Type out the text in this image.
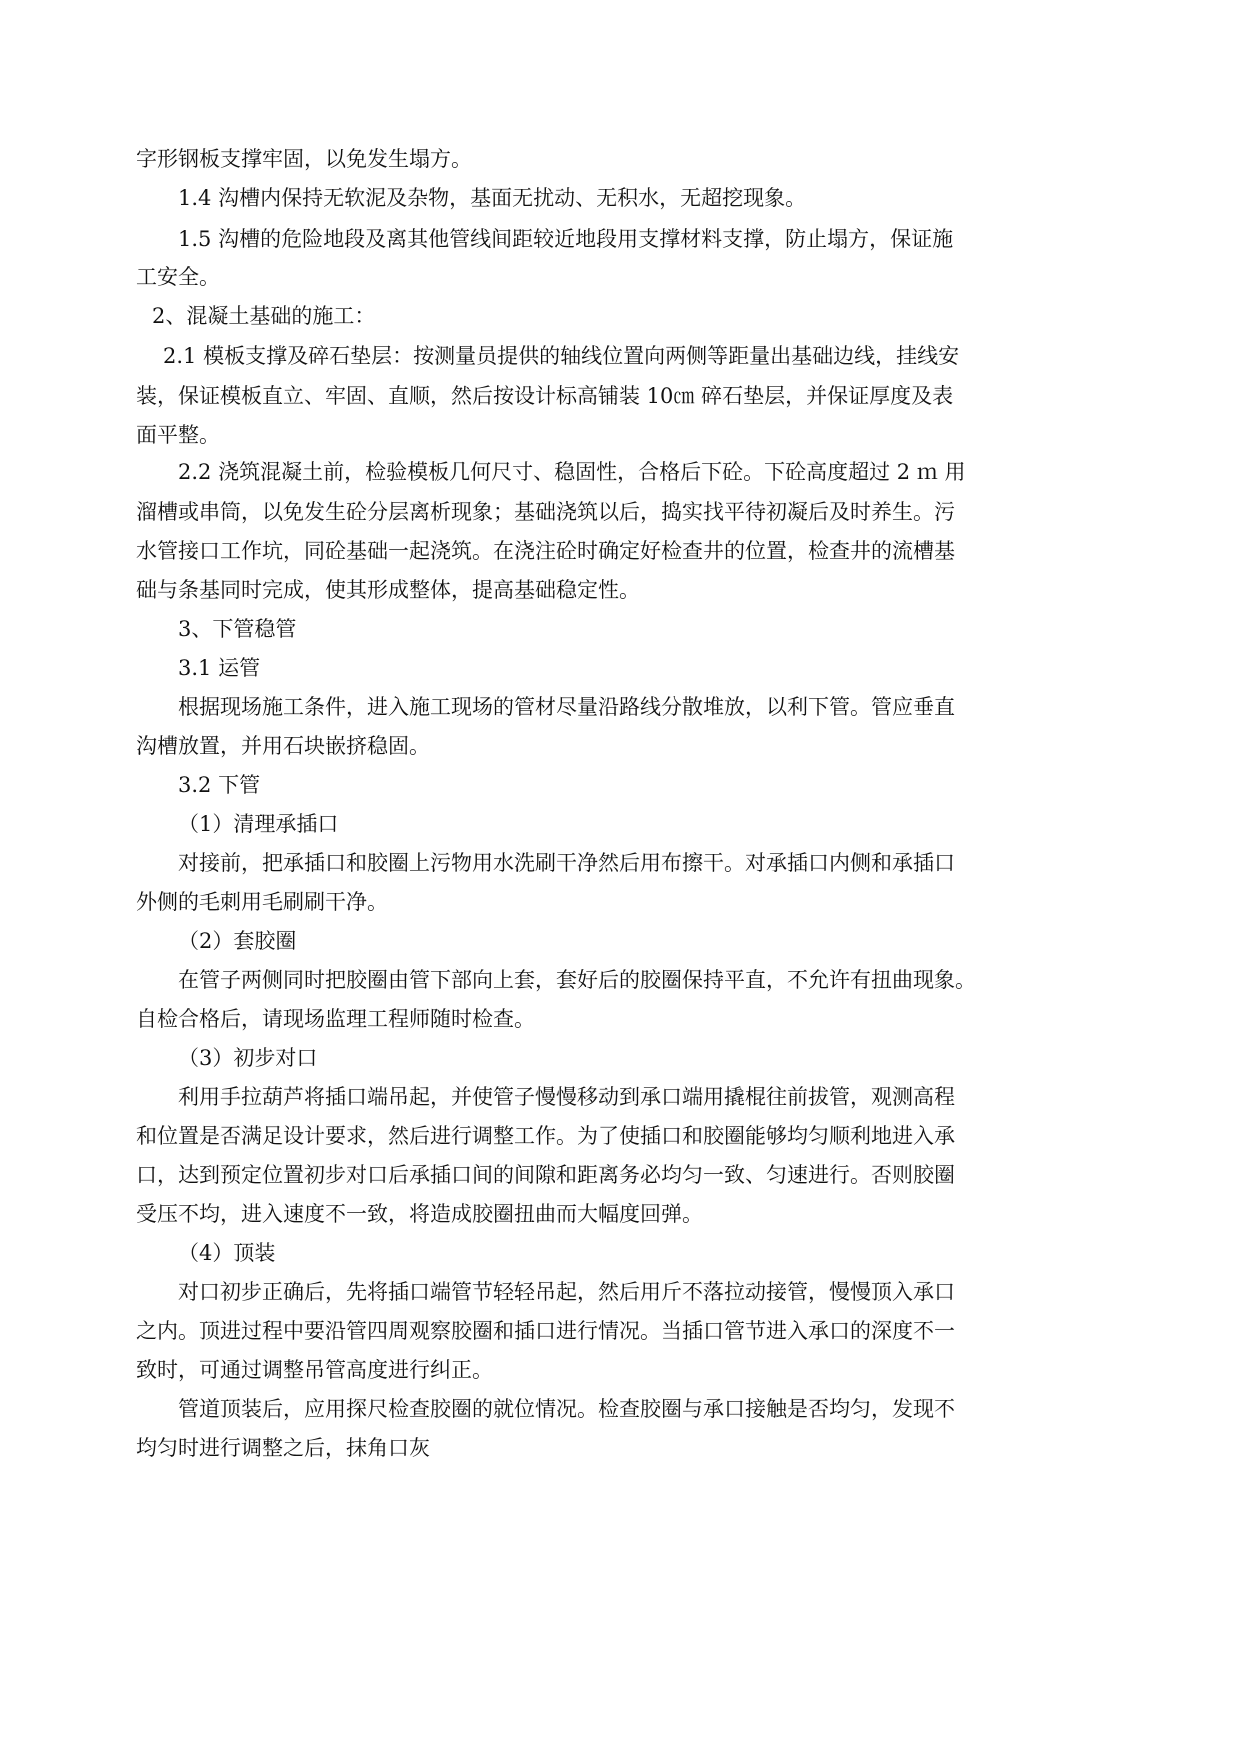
字形钢板支撑牢固，以免发生塌方。
1.4 沟槽内保持无软泥及杂物，基面无扰动、无积水，无超挖现象。
1.5 沟槽的危险地段及离其他管线间距较近地段用支撑材料支撑，防止塌方，保证施
工安全。
2、混凝土基础的施工：
2.1 模板支撑及碎石垫层：按测量员提供的轴线位置向两侧等距量出基础边线，挂线安
装，保证模板直立、牢固、直顺，然后按设计标高铺装 10㎝ 碎石垫层，并保证厚度及表
面平整。
2.2 浇筑混凝土前，检验模板几何尺寸、稳固性，合格后下砼。下砼高度超过 2 ｍ 用
溜槽或串筒，以免发生砼分层离析现象；基础浇筑以后，捣实找平待初凝后及时养生。污
水管接口工作坑，同砼基础一起浇筑。在浇注砼时确定好检查井的位置，检查井的流槽基
础与条基同时完成，使其形成整体，提高基础稳定性。
3、下管稳管
3.1 运管
根据现场施工条件，进入施工现场的管材尽量沿路线分散堆放，以利下管。管应垂直
沟槽放置，并用石块嵌挤稳固。
3.2 下管
（1）清理承插口
对接前，把承插口和胶圈上污物用水洗刷干净然后用布擦干。对承插口内侧和承插口
外侧的毛刺用毛刷刷干净。
（2）套胶圈
在管子两侧同时把胶圈由管下部向上套，套好后的胶圈保持平直，不允许有扭曲现象。
自检合格后，请现场监理工程师随时检查。
（3）初步对口
利用手拉葫芦将插口端吊起，并使管子慢慢移动到承口端用撬棍往前拔管，观测高程
和位置是否满足设计要求，然后进行调整工作。为了使插口和胶圈能够均匀顺利地进入承
口，达到预定位置初步对口后承插口间的间隙和距离务必均匀一致、匀速进行。否则胶圈
受压不均，进入速度不一致，将造成胶圈扭曲而大幅度回弹。
（4）顶装
对口初步正确后，先将插口端管节轻轻吊起，然后用斤不落拉动接管，慢慢顶入承口
之内。顶进过程中要沿管四周观察胶圈和插口进行情况。当插口管节进入承口的深度不一
致时，可通过调整吊管高度进行纠正。
管道顶装后，应用探尺检查胶圈的就位情况。检查胶圈与承口接触是否均匀，发现不
均匀时进行调整之后，抹角口灰
